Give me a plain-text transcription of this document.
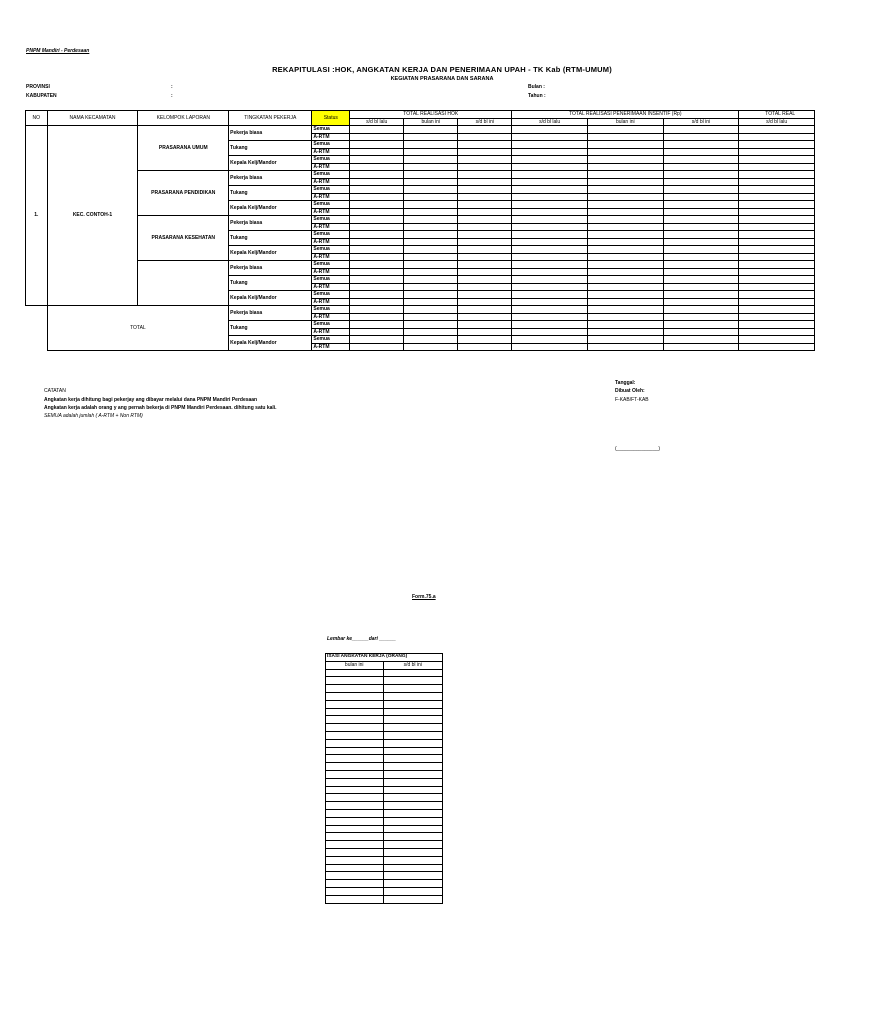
PNPM Mandiri - Perdesaan
REKAPITULASI :HOK, ANGKATAN KERJA DAN PENERIMAAN UPAH - TK Kab (RTM-UMUM)
KEGIATAN PRASARANA DAN SARANA
PROVINSI	:
KABUPATEN	:
Bulan :
Tahun :
NO	NAMA KECAMATAN	KELOMPOK LAPORAN	TINGKATAN PEKERJA	Status	TOTAL REALISASI HOK			TOTAL REALISASI PENERIMAAN INSENTIF (Rp)			TOTAL REAL
					s/d bl lalu	bulan ini	s/d bl ini	s/d bl lalu	bulan ini	s/d bl ini	s/d bl lalu
1.	KEC. CONTOH-1	PRASARANA UMUM	Pekerja biasa	Semua							
				A-RTM							
			Tukang	Semua							
				A-RTM							
			Kepala Kelj/Mandor	Semua							
				A-RTM							
		PRASARANA PENDIDIKAN	Pekerja biasa	Semua							
				A-RTM							
			Tukang	Semua							
				A-RTM							
			Kepala Kelj/Mandor	Semua							
				A-RTM							
		PRASARANA KESEHATAN	Pekerja biasa	Semua							
				A-RTM							
			Tukang	Semua							
				A-RTM							
			Kepala Kelj/Mandor	Semua							
				A-RTM							
			Pekerja biasa	Semua							
				A-RTM							
			Tukang	Semua							
				A-RTM							
			Kepala Kelj/Mandor	Semua							
				A-RTM							
	TOTAL		Pekerja biasa	Semua							
				A-RTM							
			Tukang	Semua							
				A-RTM							
			Kepala Kelj/Mandor	Semua							
				A-RTM							
CATATAN
Angkatan kerja dihitung bagi pekerjay ang dibayar melalui dana PNPM Mandiri Perdesaan
Angkatan kerja adalah orang y ang pernah bekerja di PNPM Mandiri Perdesaan. dihitung satu kali.
SEMUA adalah jumlah ( A-RTM + Non RTM)
Tanggal:
Dibuat Oleh:
F-KAB/FT-KAB
(_______________)
Form.75.a
Lembar ke______dari ______
ISASI ANGKATAN KERJA (ORANG)	
bulan ini	s/d bl ini
